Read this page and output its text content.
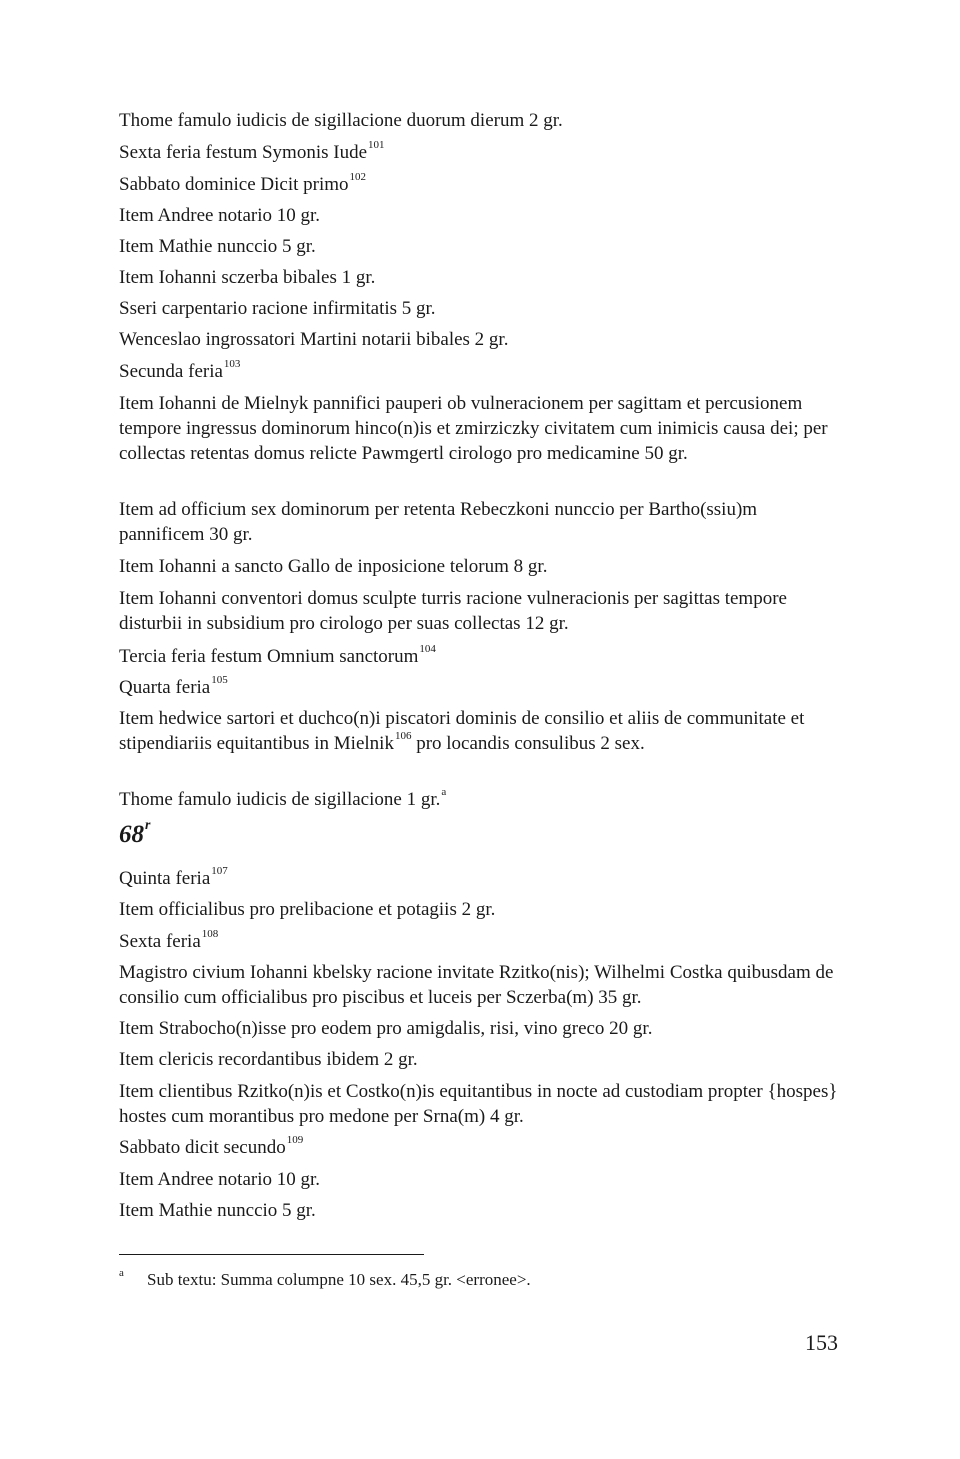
Thome famulo iudicis de sigillacione duorum dierum 2 gr.
Sexta feria festum Symonis Iude$^{101}$
Sabbato dominice Dicit primo$^{102}$
Item Andree notario 10 gr.
Item Mathie nunccio 5 gr.
Item Iohanni sczerba bibales 1 gr.
Sseri carpentario racione infirmitatis 5 gr.
Wenceslao ingrossatori Martini notarii bibales 2 gr.
Secunda feria$^{103}$

Item Iohanni de Mielnyk pannifici pauperi ob vulneracionem per sagittam et percusionem tempore ingressus dominorum hinco(n)is et zmirziczky civitatem cum inimicis causa dei; per collectas retentas domus relicte Pawmgertl cirologo pro medicamine 50 gr.

Item ad officium sex dominorum per retenta Rebeczkoni nunccio per Bartho(ssiu)m pannificem 30 gr.

Item Iohanni a sancto Gallo de inposicione telorum 8 gr.

Item Iohanni conventori domus sculpte turris racione vulneracionis per sagittas tempore disturbii in subsidium pro cirologo per suas collectas 12 gr.

Tercia feria festum Omnium sanctorum$^{104}$
Quarta feria$^{105}$

Item hedwice sartori et duchco(n)i piscatori dominis de consilio et aliis de communitate et stipendiariis equitantibus in Mielnik$^{106}$ pro locandis consulibus 2 sex.

Thome famulo iudicis de sigillacione 1 gr.$^a$
68$^r$
Quinta feria$^{107}$
Item officialibus pro prelibacione et potagiis 2 gr.
Sexta feria$^{108}$

Magistro civium Iohanni kbelsky racione invitate Rzitko(nis); Wilhelmi Costka quibusdam de consilio cum officialibus pro piscibus et luceis per Sczerba(m) 35 gr.

Item Strabocho(n)isse pro eodem pro amigdalis, risi, vino greco 20 gr.
Item clericis recordantibus ibidem 2 gr.

Item clientibus Rzitko(n)is et Costko(n)is equitantibus in nocte ad custodiam propter {hospes} hostes cum morantibus pro medone per Srna(m) 4 gr.

Sabbato dicit secundo$^{109}$
Item Andree notario 10 gr.
Item Mathie nunccio 5 gr.
a Sub textu: Summa columpne 10 sex. 45,5 gr. <erronee>.
153
